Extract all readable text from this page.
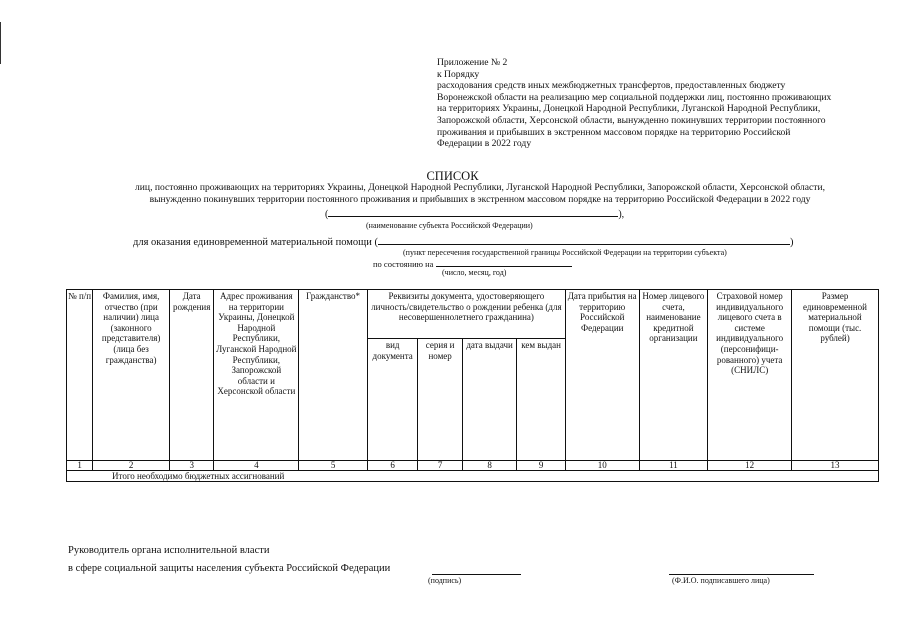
Приложение № 2
к Порядку
расходования средств иных межбюджетных трансфертов, предоставленных бюджету
Воронежской области на реализацию мер социальной поддержки лиц, постоянно проживающих
на территориях Украины, Донецкой Народной Республики, Луганской Народной Республики,
Запорожской области, Херсонской области, вынужденно покинувших территории постоянного
проживания и прибывших в экстренном массовом порядке на территорию Российской
Федерации в 2022 году
СПИСОК
лиц, постоянно проживающих на территориях Украины, Донецкой Народной Республики, Луганской Народной Республики, Запорожской области, Херсонской области,
вынужденно покинувших территории постоянного проживания и прибывших в экстренном массовом порядке на территорию Российской Федерации в 2022 году
(	),
(наименование субъекта Российской Федерации)
для оказания единовременной материальной помощи (	)
(пункт пересечения государственной границы Российской Федерации на территории субъекта)
по состоянию на
(число, месяц, год)
№ п/п	Фамилия, имя, отчество (при наличии) лица (законного представителя) (лица без гражданства)	Дата рождения	Адрес проживания на территории Украины, Донецкой Народной Республики, Луганской Народной Республики, Запорожской области и Херсонской области	Гражданство*	Реквизиты документа, удостоверяющего личность/свидетельство о рождении ребенка (для несовершеннолетнего гражданина)				Дата прибытия на территорию Российской Федерации	Номер лицевого счета, наименование кредитной организации	Страховой номер индивидуального лицевого счета в системе индивидуального (персонифици-рованного) учета (СНИЛС)	Размер единовременной материальной помощи (тыс. рублей)
					вид документа	серия и номер	дата выдачи	кем выдан				
1	2	3	4	5	6	7	8	9	10	11	12	13
Итого необходимо бюджетных ассигнований												
Руководитель органа исполнительной власти
в сфере социальной защиты населения субъекта Российской Федерации
(подпись)	(Ф.И.О. подписавшего лица)
